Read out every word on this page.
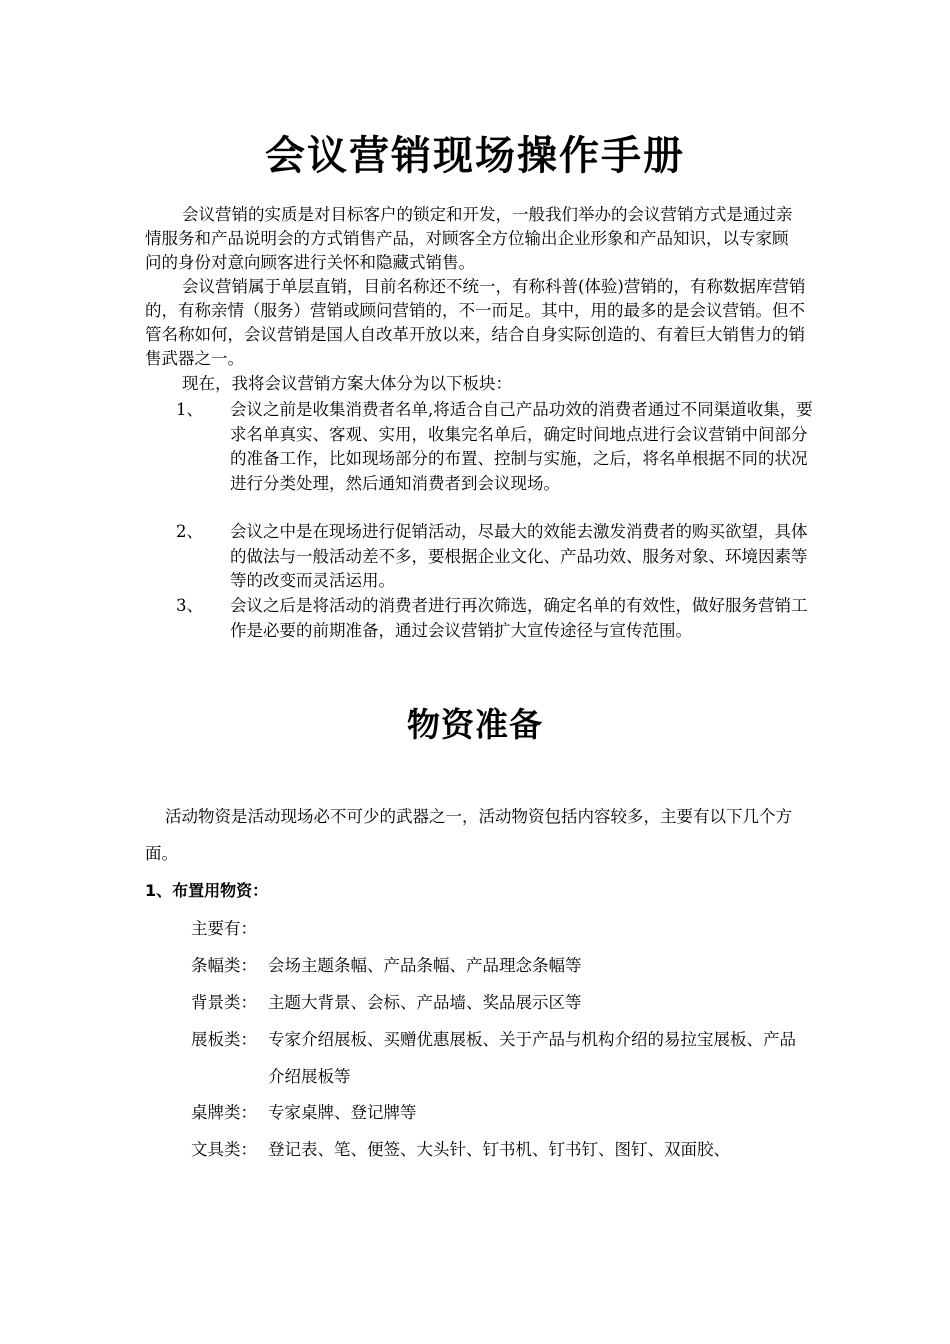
会议营销现场操作手册

会议营销的实质是对目标客户的锁定和开发，一般我们举办的会议营销方式是通过亲情服务和产品说明会的方式销售产品，对顾客全方位输出企业形象和产品知识，以专家顾问的身份对意向顾客进行关怀和隐藏式销售。

会议营销属于单层直销，目前名称还不统一，有称科普(体验)营销的，有称数据库营销的，有称亲情（服务）营销或顾问营销的，不一而足。其中，用的最多的是会议营销。但不管名称如何，会议营销是国人自改革开放以来，结合自身实际创造的、有着巨大销售力的销售武器之一。

现在，我将会议营销方案大体分为以下板块：

1、 会议之前是收集消费者名单,将适合自己产品功效的消费者通过不同渠道收集，要求名单真实、客观、实用，收集完名单后，确定时间地点进行会议营销中间部分的准备工作，比如现场部分的布置、控制与实施，之后，将名单根据不同的状况进行分类处理，然后通知消费者到会议现场。
2、 会议之中是在现场进行促销活动，尽最大的效能去激发消费者的购买欲望，具体的做法与一般活动差不多，要根据企业文化、产品功效、服务对象、环境因素等等的改变而灵活运用。
3、 会议之后是将活动的消费者进行再次筛选，确定名单的有效性，做好服务营销工作是必要的前期准备，通过会议营销扩大宣传途径与宣传范围。
物资准备

活动物资是活动现场必不可少的武器之一，活动物资包括内容较多，主要有以下几个方面。

1、布置用物资：

主要有：

条幅类： 会场主题条幅、产品条幅、产品理念条幅等
背景类： 主题大背景、会标、产品墙、奖品展示区等
展板类： 专家介绍展板、买赠优惠展板、关于产品与机构介绍的易拉宝展板、产品介绍展板等
桌牌类： 专家桌牌、登记牌等
文具类： 登记表、笔、便签、大头针、钉书机、钉书钉、图钉、双面胶、
